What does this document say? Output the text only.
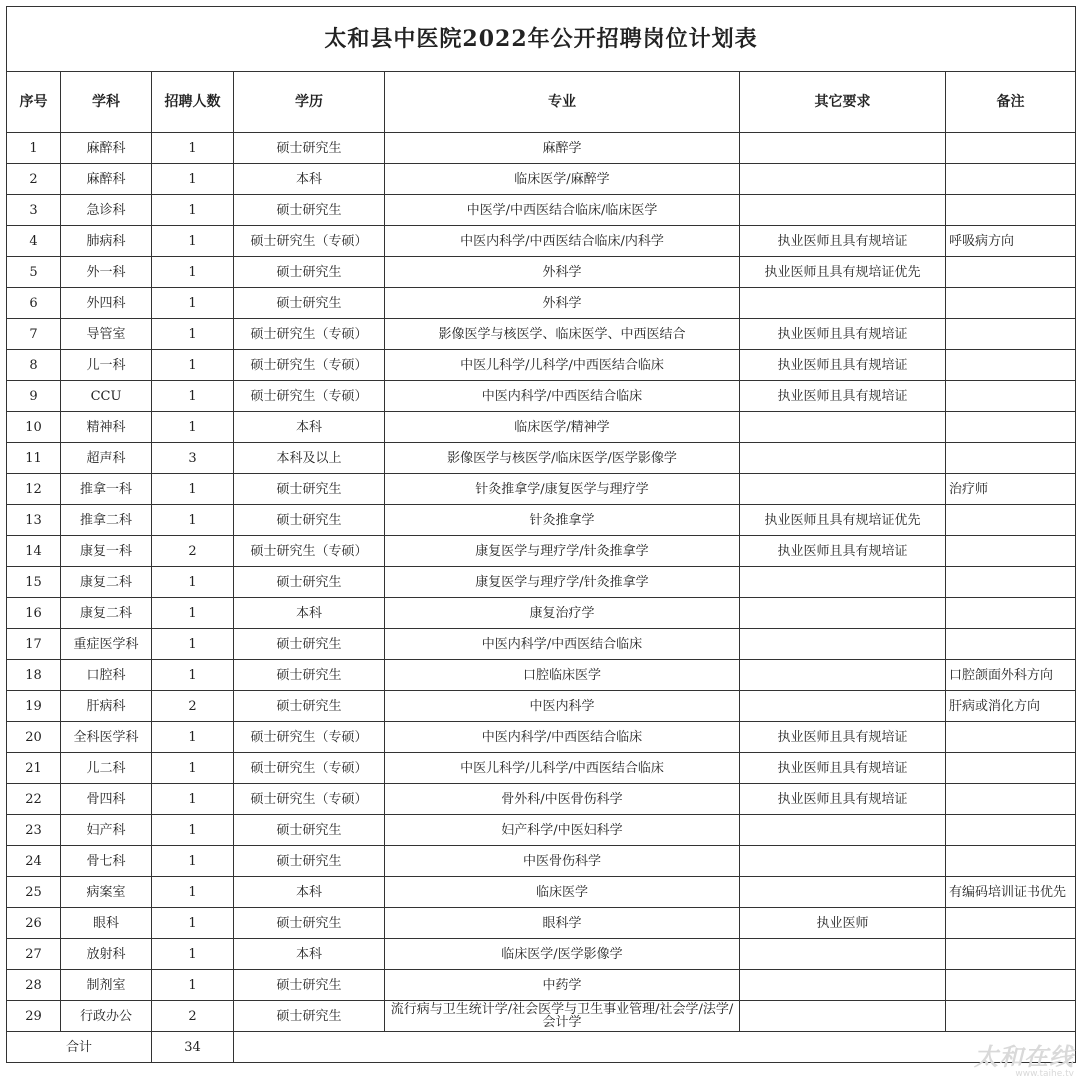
太和县中医院2022年公开招聘岗位计划表						
序号	学科	招聘人数	学历	专业	其它要求	备注
1	麻醉科	1	硕士研究生	麻醉学		
2	麻醉科	1	本科	临床医学/麻醉学		
3	急诊科	1	硕士研究生	中医学/中西医结合临床/临床医学		
4	肺病科	1	硕士研究生（专硕）	中医内科学/中西医结合临床/内科学	执业医师且具有规培证	呼吸病方向
5	外一科	1	硕士研究生	外科学	执业医师且具有规培证优先	
6	外四科	1	硕士研究生	外科学		
7	导管室	1	硕士研究生（专硕）	影像医学与核医学、临床医学、中西医结合	执业医师且具有规培证	
8	儿一科	1	硕士研究生（专硕）	中医儿科学/儿科学/中西医结合临床	执业医师且具有规培证	
9	CCU	1	硕士研究生（专硕）	中医内科学/中西医结合临床	执业医师且具有规培证	
10	精神科	1	本科	临床医学/精神学		
11	超声科	3	本科及以上	影像医学与核医学/临床医学/医学影像学		
12	推拿一科	1	硕士研究生	针灸推拿学/康复医学与理疗学		治疗师
13	推拿二科	1	硕士研究生	针灸推拿学	执业医师且具有规培证优先	
14	康复一科	2	硕士研究生（专硕）	康复医学与理疗学/针灸推拿学	执业医师且具有规培证	
15	康复二科	1	硕士研究生	康复医学与理疗学/针灸推拿学		
16	康复二科	1	本科	康复治疗学		
17	重症医学科	1	硕士研究生	中医内科学/中西医结合临床		
18	口腔科	1	硕士研究生	口腔临床医学		口腔颌面外科方向
19	肝病科	2	硕士研究生	中医内科学		肝病或消化方向
20	全科医学科	1	硕士研究生（专硕）	中医内科学/中西医结合临床	执业医师且具有规培证	
21	儿二科	1	硕士研究生（专硕）	中医儿科学/儿科学/中西医结合临床	执业医师且具有规培证	
22	骨四科	1	硕士研究生（专硕）	骨外科/中医骨伤科学	执业医师且具有规培证	
23	妇产科	1	硕士研究生	妇产科学/中医妇科学		
24	骨七科	1	硕士研究生	中医骨伤科学		
25	病案室	1	本科	临床医学		有编码培训证书优先
26	眼科	1	硕士研究生	眼科学	执业医师	
27	放射科	1	本科	临床医学/医学影像学		
28	制剂室	1	硕士研究生	中药学		
29	行政办公	2	硕士研究生	流行病与卫生统计学/社会医学与卫生事业管理/社会学/法学/会计学		
合计		34					太和在线
www.taihe.tv
